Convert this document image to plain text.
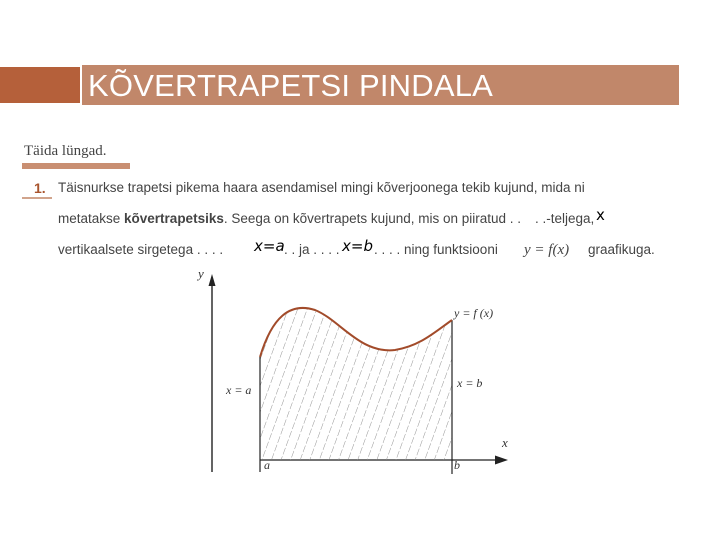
KÕVERTRAPETSI PINDALA
Täida lüngad.
1. Täisnurkse trapetsi pikema haara asendamisel mingi kõverjoonega tekib kujund, mida ni
metatakse kõvertrapetsiks. Seega on kõvertrapets kujund, mis on piiratud . . . .-teljega, x
vertikaalsete sirgetega . . . .	. . ja . . . .	. . . . ning funktsiooni y = f(x) graafikuga.
x=a	x=b
y
x
y = f (x)
x = a	x = b
a	b
